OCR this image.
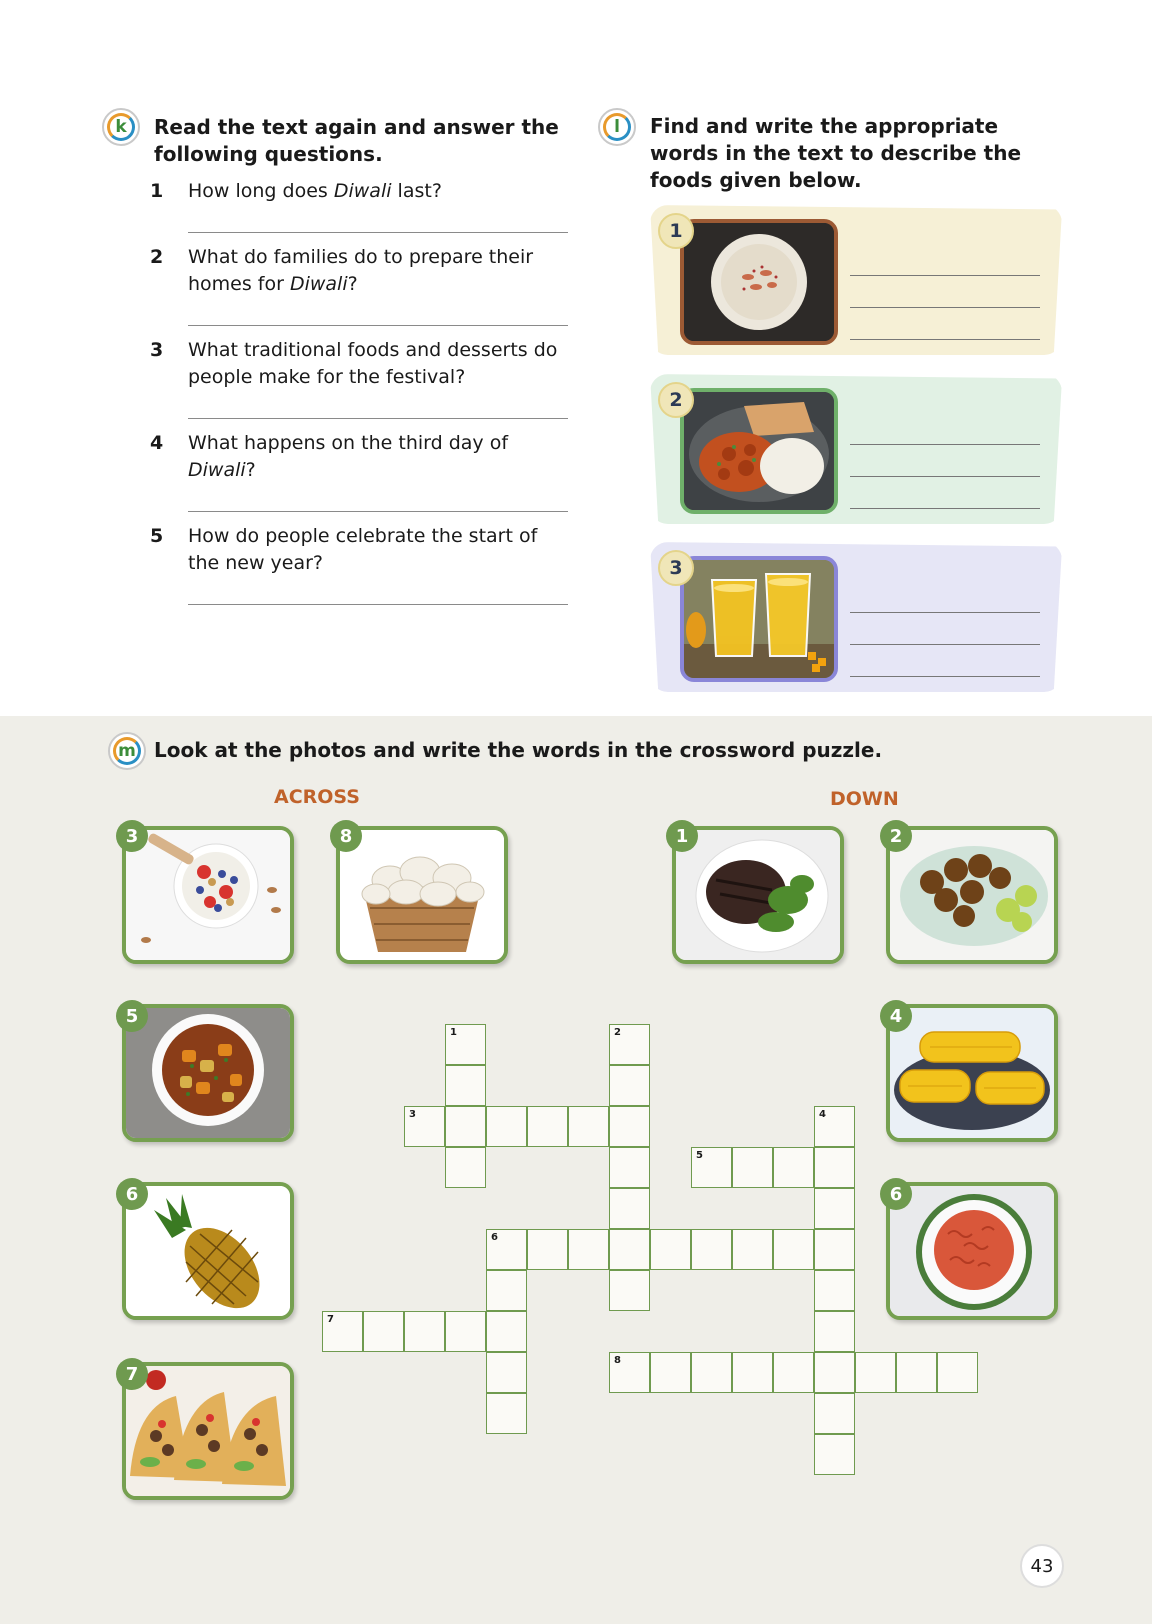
k	Read the text again and answer the following questions.
1 How long does Diwali last?
2 What do families do to prepare their homes for Diwali?
3 What traditional foods and desserts do people make for the festival?
4 What happens on the third day of Diwali?
5 How do people celebrate the start of the new year?
l	Find and write the appropriate words in the text to describe the foods given below.
1
2
3
m Look at the photos and write the words in the crossword puzzle.
ACROSS	DOWN
3	8	1	2
5	4
6	6
7
1
3
2
5
4
6
7
8
43
